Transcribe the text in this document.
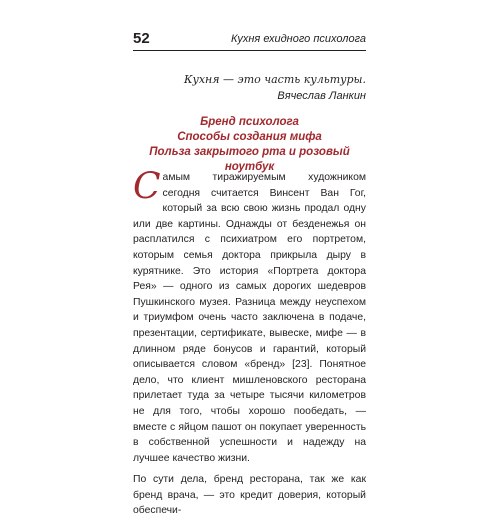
52	Кухня ехидного психолога
Кухня — это часть культуры.
Вячеслав Ланкин
Бренд психолога
Способы создания мифа
Польза закрытого рта и розовый ноутбук

Самым тиражируемым художником сегодня считается Винсент Ван Гог, который за всю свою жизнь продал одну или две картины. Однажды от безденежья он расплатился с психиатром его портретом, которым семья доктора прикрыла дыру в курятнике. Это история «Портрета доктора Рея» — одного из самых дорогих шедевров Пушкинского музея. Разница между неуспехом и триумфом очень часто заключена в подаче, презентации, сертификате, вывеске, мифе — в длинном ряде бонусов и гарантий, который описывается словом «бренд» [23]. Понятное дело, что клиент мишленовского ресторана прилетает туда за четыре тысячи километров не для того, чтобы хорошо пообедать, — вместе с яйцом пашот он покупает уверенность в собственной успешности и надежду на лучшее качество жизни.

По сути дела, бренд ресторана, так же как бренд врача, — это кредит доверия, который обеспечи-
